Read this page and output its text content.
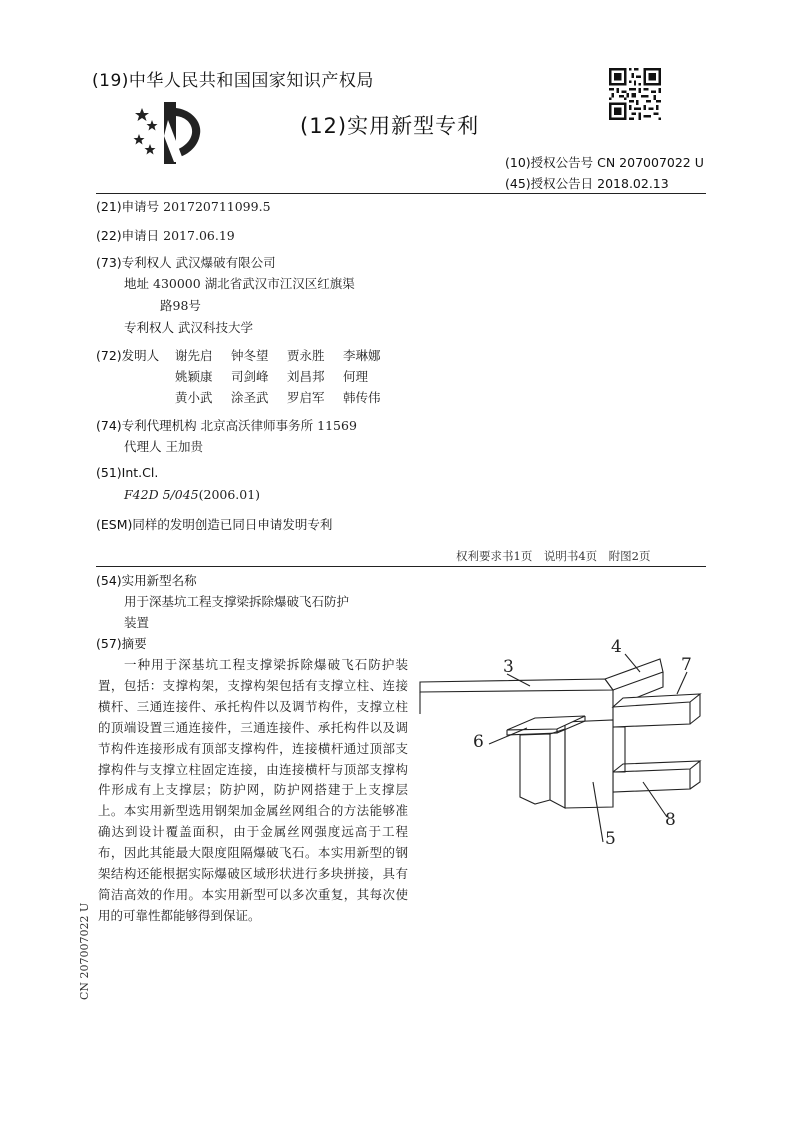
(19)中华人民共和国国家知识产权局
(12)实用新型专利
(10)授权公告号 CN 207007022 U
(45)授权公告日 2018.02.13
(21)申请号 201720711099.5
(22)申请日 2017.06.19
(73)专利权人 武汉爆破有限公司
地址 430000 湖北省武汉市江汉区红旗渠
路98号
专利权人 武汉科技大学
(72)发明人 谢先启 钟冬望 贾永胜 李琳娜
姚颖康 司剑峰 刘昌邦 何理
黄小武 涂圣武 罗启军 韩传伟
(74)专利代理机构 北京高沃律师事务所 11569
代理人 王加贵
(51)Int.Cl.
F42D 5/045(2006.01)
(ESM)同样的发明创造已同日申请发明专利
权利要求书1页　说明书4页　附图2页
(54)实用新型名称
用于深基坑工程支撑梁拆除爆破飞石防护
装置
(57)摘要
一种用于深基坑工程支撑梁拆除爆破飞石防护装置，包括：支撑构架，支撑构架包括有支撑立柱、连接横杆、三通连接件、承托构件以及调节构件，支撑立柱的顶端设置三通连接件，三通连接件、承托构件以及调节构件连接形成有顶部支撑构件，连接横杆通过顶部支撑构件与支撑立柱固定连接，由连接横杆与顶部支撑构件形成有上支撑层；防护网，防护网搭建于上支撑层上。本实用新型选用钢架加金属丝网组合的方法能够准确达到设计覆盖面积，由于金属丝网强度远高于工程布，因此其能最大限度阻隔爆破飞石。本实用新型的钢架结构还能根据实际爆破区域形状进行多块拼接，具有简洁高效的作用。本实用新型可以多次重复，其每次使用的可靠性都能够得到保证。
CN 207007022 U
3
4
7
6
5
8
